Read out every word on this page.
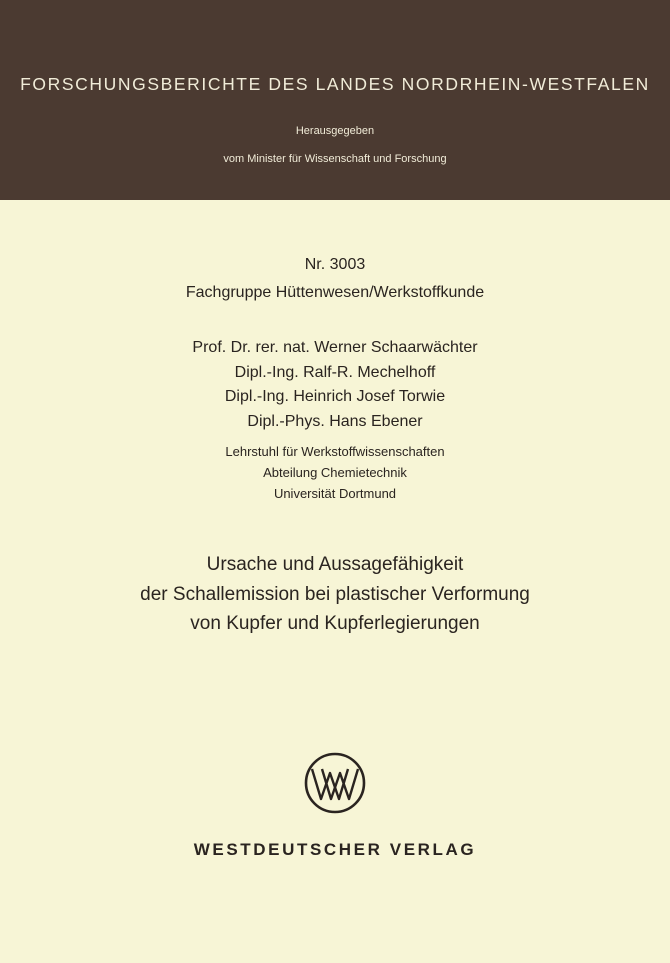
FORSCHUNGSBERICHTE DES LANDES NORDRHEIN-WESTFALEN
Herausgegeben
vom Minister für Wissenschaft und Forschung
Nr. 3003
Fachgruppe Hüttenwesen/Werkstoffkunde
Prof. Dr. rer. nat. Werner Schaarwächter
Dipl.-Ing. Ralf-R. Mechelhoff
Dipl.-Ing. Heinrich Josef Torwie
Dipl.-Phys. Hans Ebener
Lehrstuhl für Werkstoffwissenschaften
Abteilung Chemietechnik
Universität Dortmund
Ursache und Aussagefähigkeit
der Schallemission bei plastischer Verformung
von Kupfer und Kupferlegierungen
WESTDEUTSCHER VERLAG
